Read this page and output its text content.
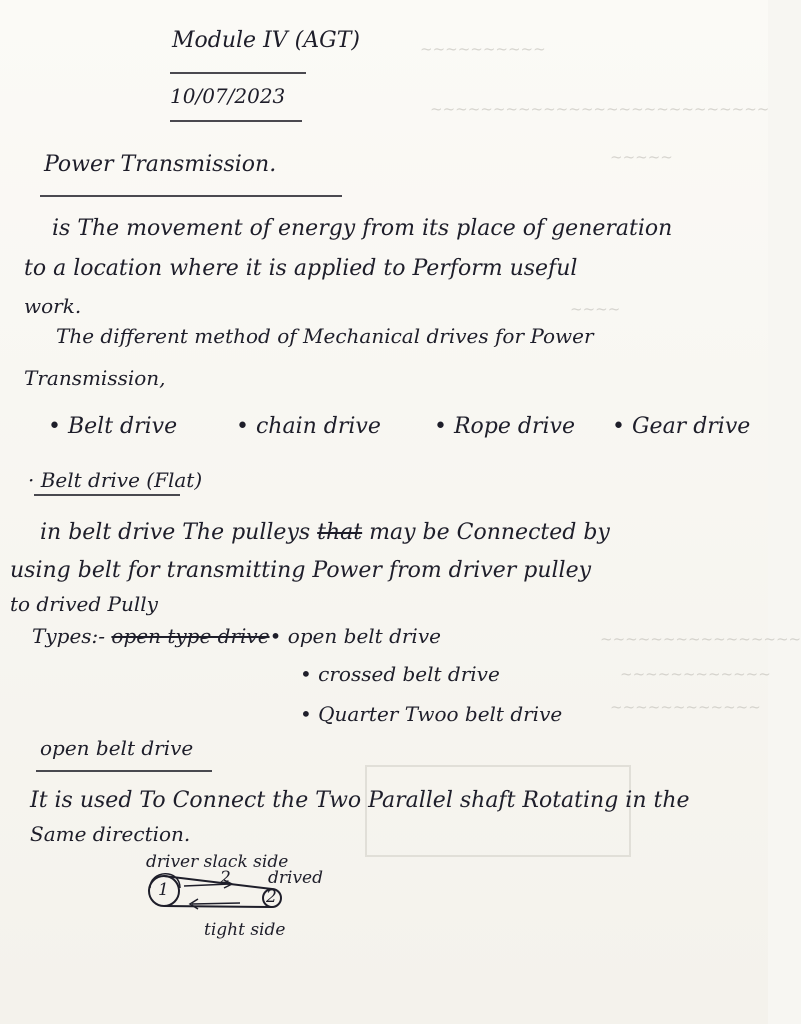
~~~~~
~~~~~~~~~~
~~~~~~~~~~~~~~~~~~~~~~~~~~~
~~~~
~~~~~~~~~~~~~~~~
~~~~~~~~~~~~
~~~~~~~~~~~~
Module IV (AGT)
10/07/2023
Power Transmission.
is The movement of energy from its place of generation
to a location where it is applied to Perform useful
work.
The different method of Mechanical drives for Power
Transmission,
• Belt drive	• chain drive • Rope drive • Gear drive
· Belt drive (Flat)
in belt drive The pulleys that may be Connected by
using belt for transmitting Power from driver pulley
to drived Pully
Types:- open type drive• open belt drive
• crossed belt drive
• Quarter Twoo belt drive
open belt drive
It is used To Connect the Two Parallel shaft Rotating in the
Same direction.
1	2
2
driver slack side
drived
tight side
